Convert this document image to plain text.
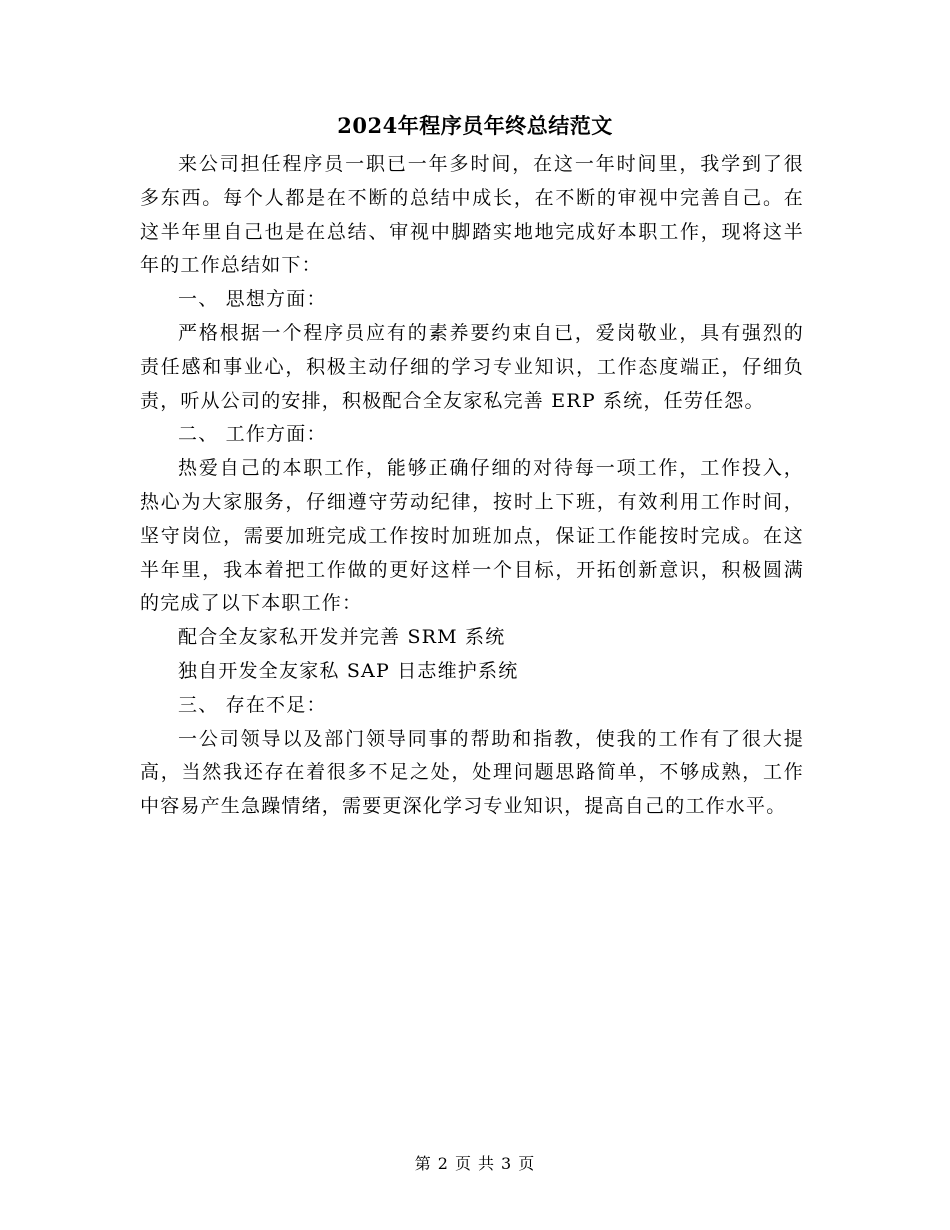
2024年程序员年终总结范文

来公司担任程序员一职已一年多时间，在这一年时间里，我学到了很多东西。每个人都是在不断的总结中成长，在不断的审视中完善自己。在这半年里自己也是在总结、审视中脚踏实地地完成好本职工作，现将这半年的工作总结如下：

一、 思想方面：

严格根据一个程序员应有的素养要约束自已，爱岗敬业，具有强烈的责任感和事业心，积极主动仔细的学习专业知识，工作态度端正，仔细负责，听从公司的安排，积极配合全友家私完善 ERP 系统，任劳任怨。

二、 工作方面：

热爱自己的本职工作，能够正确仔细的对待每一项工作，工作投入，热心为大家服务，仔细遵守劳动纪律，按时上下班，有效利用工作时间，坚守岗位，需要加班完成工作按时加班加点，保证工作能按时完成。在这半年里，我本着把工作做的更好这样一个目标，开拓创新意识，积极圆满的完成了以下本职工作：

配合全友家私开发并完善 SRM 系统

独自开发全友家私 SAP 日志维护系统

三、 存在不足：

一公司领导以及部门领导同事的帮助和指教，使我的工作有了很大提高，当然我还存在着很多不足之处，处理问题思路简单，不够成熟，工作中容易产生急躁情绪，需要更深化学习专业知识，提高自己的工作水平。

第 2 页 共 3 页
